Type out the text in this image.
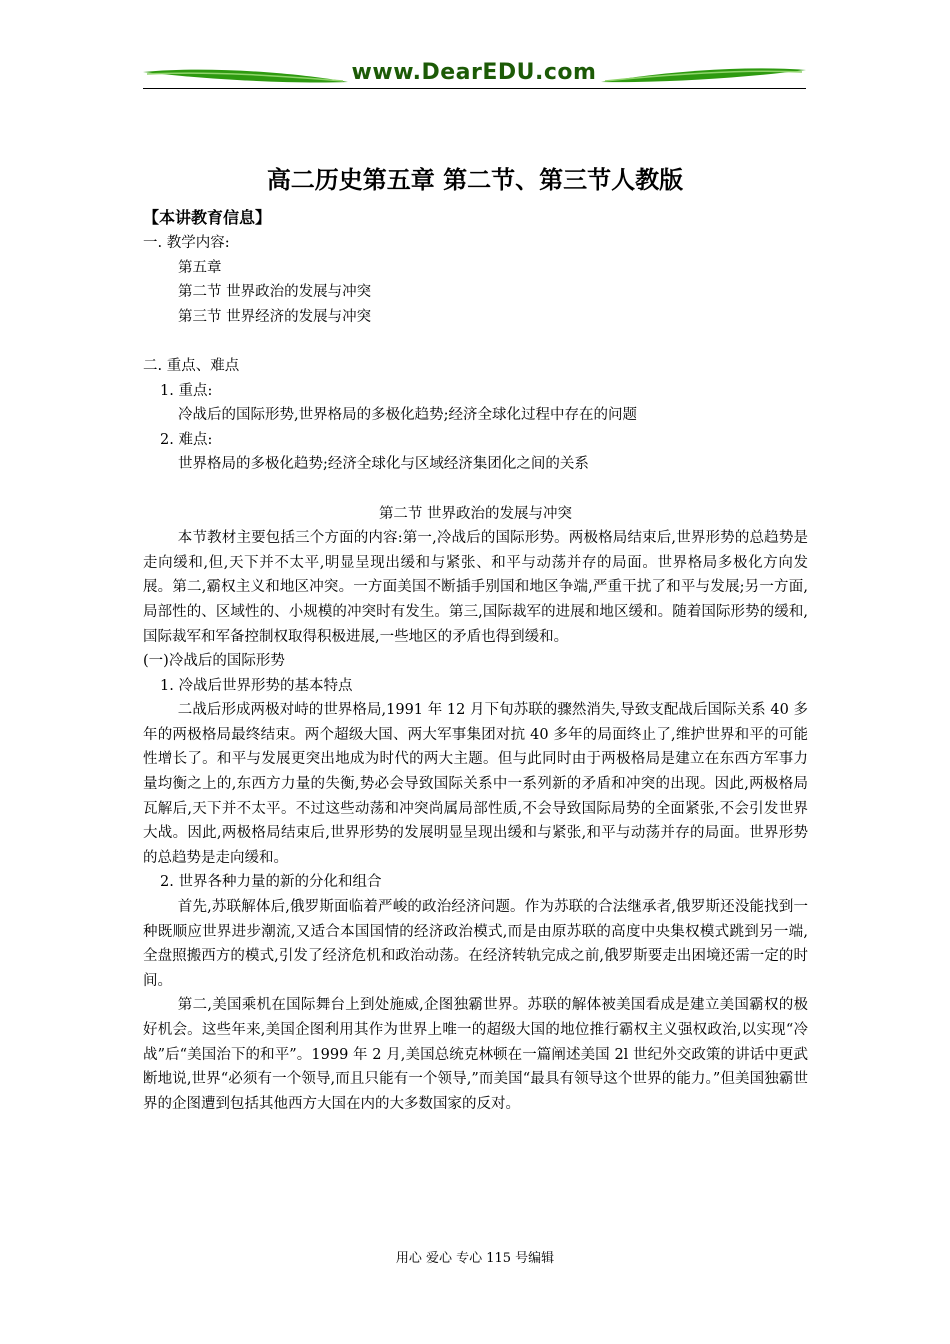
www.DearEDU.com
高二历史第五章 第二节、第三节人教版

【本讲教育信息】

一. 教学内容:

第五章

第二节 世界政治的发展与冲突

第三节 世界经济的发展与冲突

二. 重点、难点

1. 重点:

冷战后的国际形势,世界格局的多极化趋势;经济全球化过程中存在的问题

2. 难点:

世界格局的多极化趋势;经济全球化与区域经济集团化之间的关系

第二节 世界政治的发展与冲突

本节教材主要包括三个方面的内容:第一,冷战后的国际形势。两极格局结束后,世界形势的总趋势是走向缓和,但,天下并不太平,明显呈现出缓和与紧张、和平与动荡并存的局面。世界格局多极化方向发展。第二,霸权主义和地区冲突。一方面美国不断插手别国和地区争端,严重干扰了和平与发展;另一方面,局部性的、区域性的、小规模的冲突时有发生。第三,国际裁军的进展和地区缓和。随着国际形势的缓和,国际裁军和军备控制权取得积极进展,一些地区的矛盾也得到缓和。

(一)冷战后的国际形势

1. 冷战后世界形势的基本特点

二战后形成两极对峙的世界格局,1991 年 12 月下旬苏联的骤然消失,导致支配战后国际关系 40 多年的两极格局最终结束。两个超级大国、两大军事集团对抗 40 多年的局面终止了,维护世界和平的可能性增长了。和平与发展更突出地成为时代的两大主题。但与此同时由于两极格局是建立在东西方军事力量均衡之上的,东西方力量的失衡,势必会导致国际关系中一系列新的矛盾和冲突的出现。因此,两极格局瓦解后,天下并不太平。不过这些动荡和冲突尚属局部性质,不会导致国际局势的全面紧张,不会引发世界大战。因此,两极格局结束后,世界形势的发展明显呈现出缓和与紧张,和平与动荡并存的局面。世界形势的总趋势是走向缓和。

2. 世界各种力量的新的分化和组合

首先,苏联解体后,俄罗斯面临着严峻的政治经济问题。作为苏联的合法继承者,俄罗斯还没能找到一种既顺应世界进步潮流,又适合本国国情的经济政治模式,而是由原苏联的高度中央集权模式跳到另一端,全盘照搬西方的模式,引发了经济危机和政治动荡。在经济转轨完成之前,俄罗斯要走出困境还需一定的时间。

第二,美国乘机在国际舞台上到处施威,企图独霸世界。苏联的解体被美国看成是建立美国霸权的极好机会。这些年来,美国企图利用其作为世界上唯一的超级大国的地位推行霸权主义强权政治,以实现“冷战”后“美国治下的和平”。1999 年 2 月,美国总统克林顿在一篇阐述美国 2l 世纪外交政策的讲话中更武断地说,世界“必须有一个领导,而且只能有一个领导,”而美国“最具有领导这个世界的能力。”但美国独霸世界的企图遭到包括其他西方大国在内的大多数国家的反对。

用心 爱心 专心 115 号编辑
